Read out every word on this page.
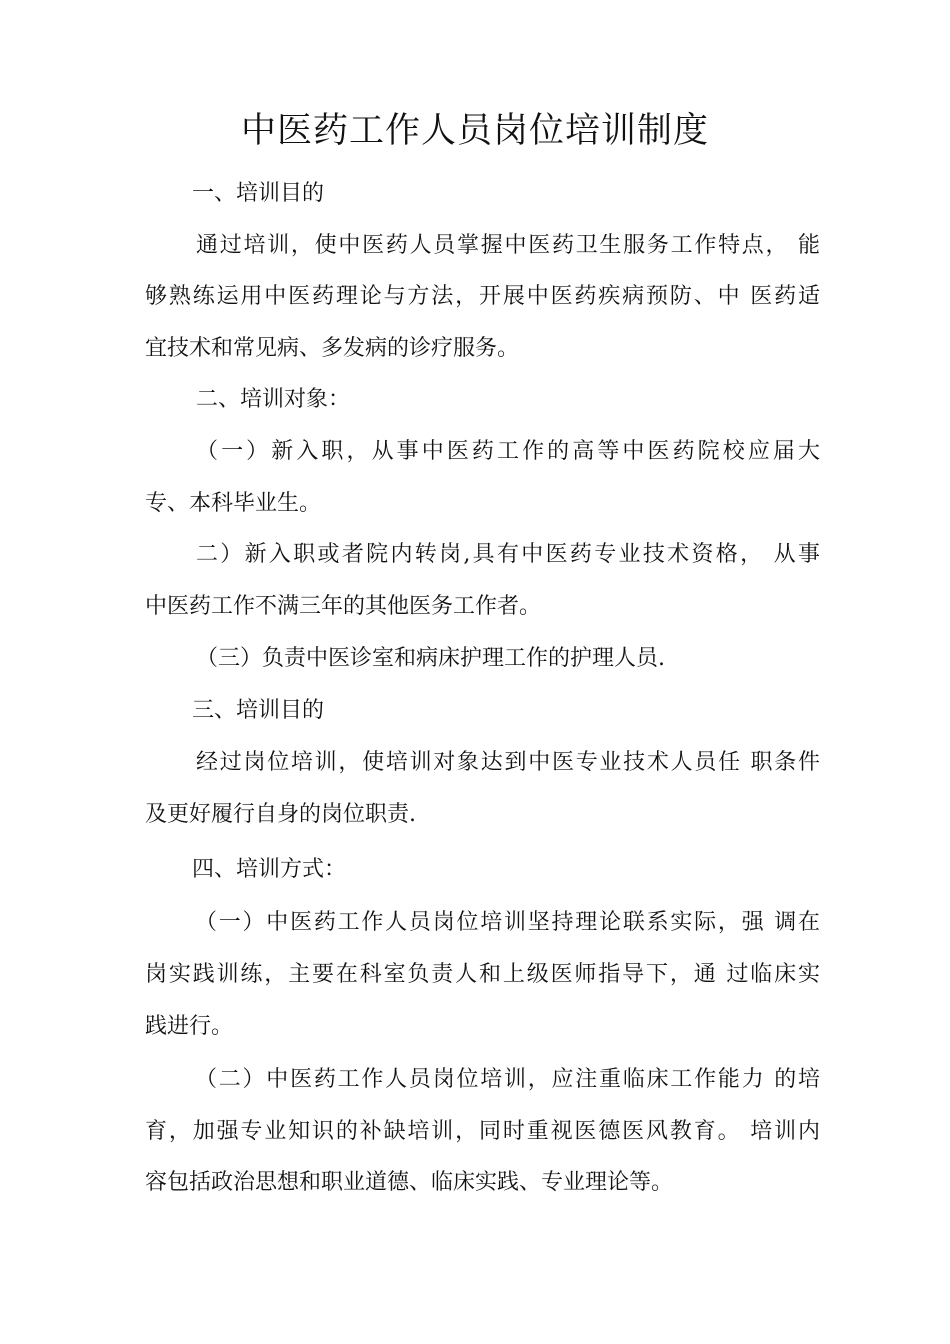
中医药工作人员岗位培训制度

一、培训目的

通过培训，使中医药人员掌握中医药卫生服务工作特点， 能

够熟练运用中医药理论与方法，开展中医药疾病预防、中 医药适

宜技术和常见病、多发病的诊疗服务。

二、培训对象：

（一）新入职，从事中医药工作的高等中医药院校应届大

专、本科毕业生。

二）新入职或者院内转岗,具有中医药专业技术资格， 从事

中医药工作不满三年的其他医务工作者。

（三）负责中医诊室和病床护理工作的护理人员.

三、培训目的

经过岗位培训，使培训对象达到中医专业技术人员任 职条件

及更好履行自身的岗位职责.

四、培训方式：

（一）中医药工作人员岗位培训坚持理论联系实际，强 调在

岗实践训练，主要在科室负责人和上级医师指导下，通 过临床实

践进行。

（二）中医药工作人员岗位培训，应注重临床工作能力 的培

育，加强专业知识的补缺培训，同时重视医德医风教育。 培训内

容包括政治思想和职业道德、临床实践、专业理论等。
